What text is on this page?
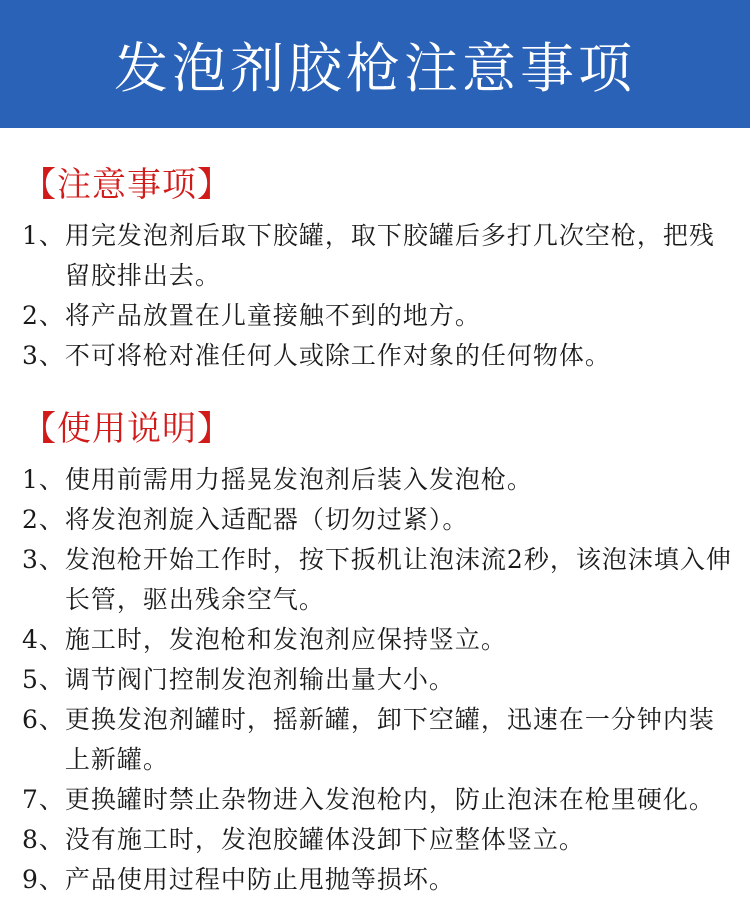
发泡剂胶枪注意事项
【注意事项】
1、 用完发泡剂后取下胶罐，取下胶罐后多打几次空枪，把残留胶排出去。
2、 将产品放置在儿童接触不到的地方。
3、 不可将枪对准任何人或除工作对象的任何物体。
【使用说明】
1、 使用前需用力摇晃发泡剂后装入发泡枪。
2、 将发泡剂旋入适配器（切勿过紧）。
3、 发泡枪开始工作时，按下扳机让泡沫流2秒，该泡沫填入伸长管，驱出残余空气。
4、 施工时，发泡枪和发泡剂应保持竖立。
5、 调节阀门控制发泡剂输出量大小。
6、 更换发泡剂罐时，摇新罐，卸下空罐，迅速在一分钟内装上新罐。
7、 更换罐时禁止杂物进入发泡枪内，防止泡沫在枪里硬化。
8、 没有施工时，发泡胶罐体没卸下应整体竖立。
9、 产品使用过程中防止甩抛等损坏。
